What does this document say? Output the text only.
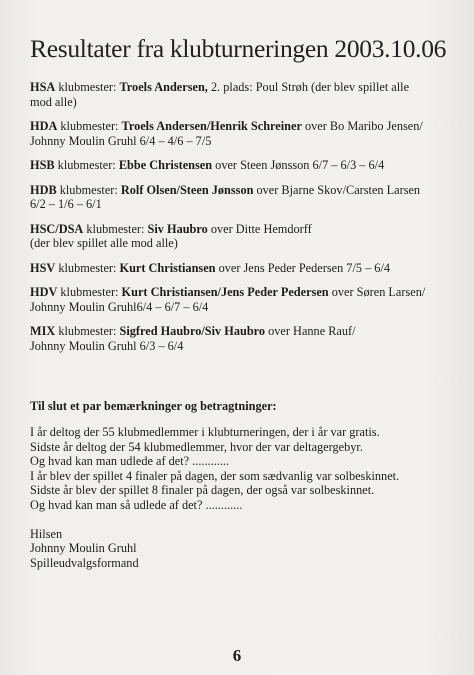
Resultater fra klubturneringen 2003.10.06
HSA klubmester: Troels Andersen, 2. plads: Poul Strøh (der blev spillet alle
mod alle)
HDA klubmester: Troels Andersen/Henrik Schreiner over Bo Maribo Jensen/
Johnny Moulin Gruhl 6/4 – 4/6 – 7/5
HSB klubmester: Ebbe Christensen over Steen Jønsson 6/7 – 6/3 – 6/4
HDB klubmester: Rolf Olsen/Steen Jønsson over Bjarne Skov/Carsten Larsen
6/2 – 1/6 – 6/1
HSC/DSA klubmester: Siv Haubro over Ditte Hemdorff
(der blev spillet alle mod alle)
HSV klubmester: Kurt Christiansen over Jens Peder Pedersen 7/5 – 6/4
HDV klubmester: Kurt Christiansen/Jens Peder Pedersen over Søren Larsen/
Johnny Moulin Gruhl6/4 – 6/7 – 6/4
MIX klubmester: Sigfred Haubro/Siv Haubro over Hanne Rauf/
Johnny Moulin Gruhl 6/3 – 6/4
Til slut et par bemærkninger og betragtninger:
I år deltog der 55 klubmedlemmer i klubturneringen, der i år var gratis.
Sidste år deltog der 54 klubmedlemmer, hvor der var deltagergebyr.
Og hvad kan man udlede af det? ............
I år blev der spillet 4 finaler på dagen, der som sædvanlig var solbeskinnet.
Sidste år blev der spillet 8 finaler på dagen, der også var solbeskinnet.
Og hvad kan man så udlede af det? ............
Hilsen
Johnny Moulin Gruhl
Spilleudvalgsformand
6
